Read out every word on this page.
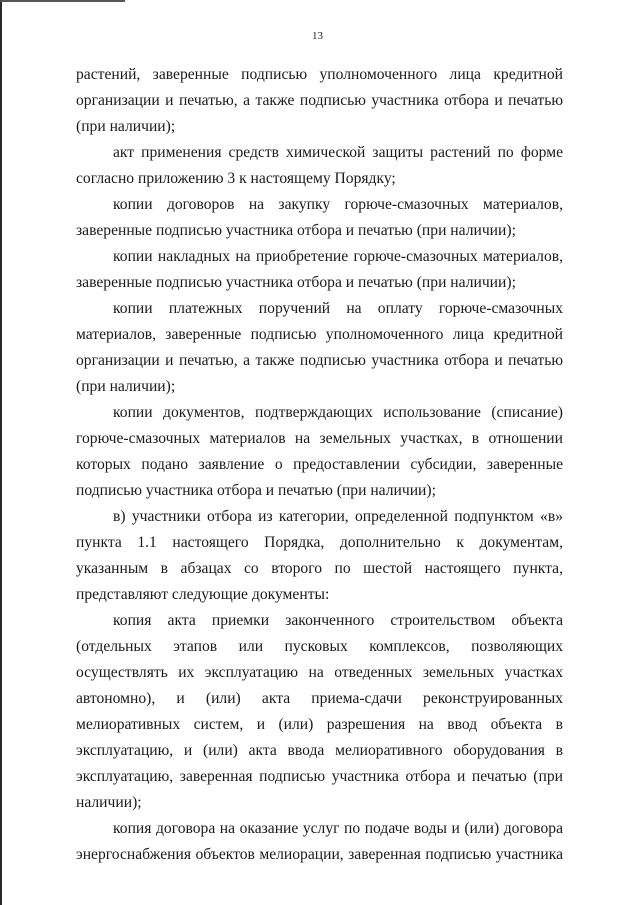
13

растений, заверенные подписью уполномоченного лица кредитной организации и печатью, а также подписью участника отбора и печатью (при наличии);

акт применения средств химической защиты растений по форме согласно приложению 3 к настоящему Порядку;

копии договоров на закупку горюче-смазочных материалов, заверенные подписью участника отбора и печатью (при наличии);

копии накладных на приобретение горюче-смазочных материалов, заверенные подписью участника отбора и печатью (при наличии);

копии платежных поручений на оплату горюче-смазочных материалов, заверенные подписью уполномоченного лица кредитной организации и печатью, а также подписью участника отбора и печатью (при наличии);

копии документов, подтверждающих использование (списание) горюче-смазочных материалов на земельных участках, в отношении которых подано заявление о предоставлении субсидии, заверенные подписью участника отбора и печатью (при наличии);

в) участники отбора из категории, определенной подпунктом «в» пункта 1.1 настоящего Порядка, дополнительно к документам, указанным в абзацах со второго по шестой настоящего пункта, представляют следующие документы:

копия акта приемки законченного строительством объекта (отдельных этапов или пусковых комплексов, позволяющих осуществлять их эксплуатацию на отведенных земельных участках автономно), и (или) акта приема-сдачи реконструированных мелиоративных систем, и (или) разрешения на ввод объекта в эксплуатацию, и (или) акта ввода мелиоративного оборудования в эксплуатацию, заверенная подписью участника отбора и печатью (при наличии);

копия договора на оказание услуг по подаче воды и (или) договора энергоснабжения объектов мелиорации, заверенная подписью участника
